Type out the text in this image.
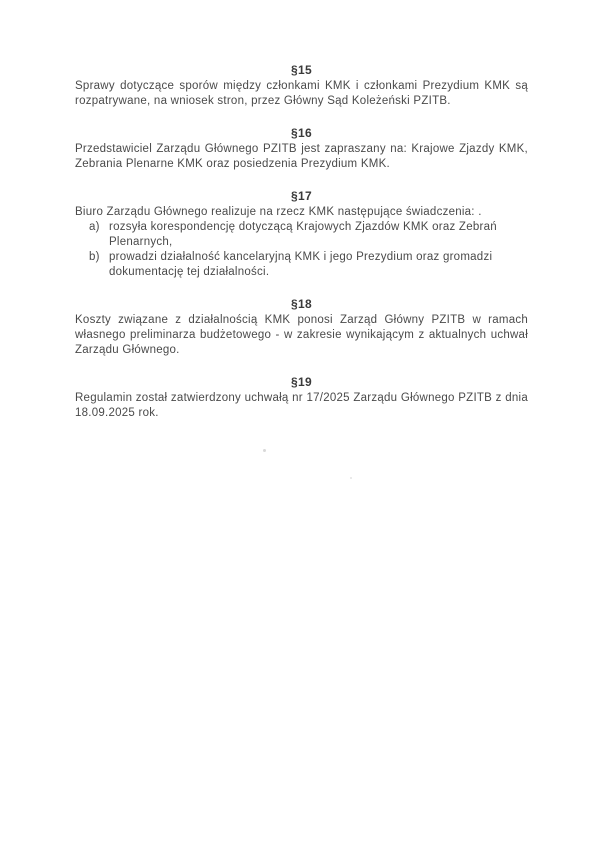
§15

Sprawy dotyczące sporów między członkami KMK i członkami Prezydium KMK są rozpatrywane, na wniosek stron, przez Główny Sąd Koleżeński PZITB.

§16

Przedstawiciel Zarządu Głównego PZITB jest zapraszany na: Krajowe Zjazdy KMK, Zebrania Plenarne KMK oraz posiedzenia Prezydium KMK.

§17

Biuro Zarządu Głównego realizuje na rzecz KMK następujące świadczenia: .

a) rozsyła korespondencję dotyczącą Krajowych Zjazdów KMK oraz Zebrań Plenarnych,
b) prowadzi działalność kancelaryjną KMK i jego Prezydium oraz gromadzi dokumentację tej działalności.
§18

Koszty związane z działalnością KMK ponosi Zarząd Główny PZITB w ramach własnego preliminarza budżetowego - w zakresie wynikającym z aktualnych uchwał Zarządu Głównego.

§19

Regulamin został zatwierdzony uchwałą nr 17/2025 Zarządu Głównego PZITB z dnia 18.09.2025 rok.
